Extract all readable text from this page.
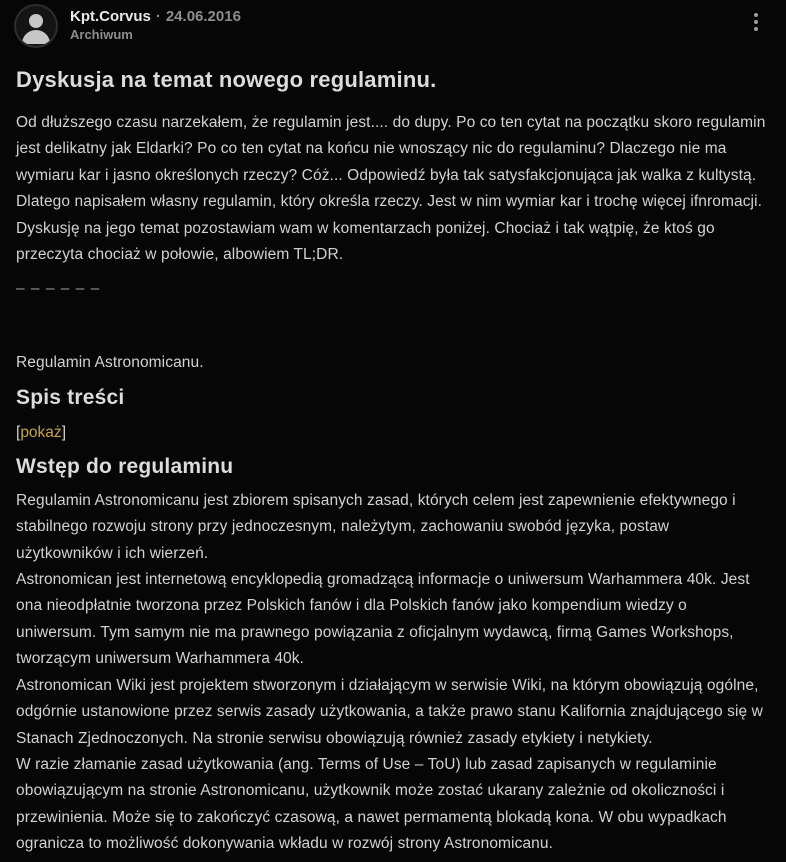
Kpt.Corvus · 24.06.2016
Archiwum
Dyskusja na temat nowego regulaminu.

Od dłuższego czasu narzekałem, że regulamin jest.... do dupy. Po co ten cytat na początku skoro regulamin jest delikatny jak Eldarki? Po co ten cytat na końcu nie wnoszący nic do regulaminu? Dlaczego nie ma wymiaru kar i jasno określonych rzeczy? Cóż... Odpowiedź była tak satysfakcjonująca jak walka z kultystą. Dlatego napisałem własny regulamin, który określa rzeczy. Jest w nim wymiar kar i trochę więcej ifnromacji. Dyskusję na jego temat pozostawiam wam w komentarzach poniżej. Chociaż i tak wątpię, że ktoś go przeczyta chociaż w połowie, albowiem TL;DR.

– – – – – –

Regulamin Astronomicanu.

Spis treści
[pokaż]
Wstęp do regulaminu

Regulamin Astronomicanu jest zbiorem spisanych zasad, których celem jest zapewnienie efektywnego i stabilnego rozwoju strony przy jednoczesnym, należytym, zachowaniu swobód języka, postaw użytkowników i ich wierzeń.

Astronomican jest internetową encyklopedią gromadzącą informacje o uniwersum Warhammera 40k. Jest ona nieodpłatnie tworzona przez Polskich fanów i dla Polskich fanów jako kompendium wiedzy o uniwersum. Tym samym nie ma prawnego powiązania z oficjalnym wydawcą, firmą Games Workshops, tworzącym uniwersum Warhammera 40k.

Astronomican Wiki jest projektem stworzonym i działającym w serwisie Wiki, na którym obowiązują ogólne, odgórnie ustanowione przez serwis zasady użytkowania, a także prawo stanu Kalifornia znajdującego się w Stanach Zjednoczonych. Na stronie serwisu obowiązują również zasady etykiety i netykiety.

W razie złamanie zasad użytkowania (ang. Terms of Use – ToU) lub zasad zapisanych w regulaminie obowiązującym na stronie Astronomicanu, użytkownik może zostać ukarany zależnie od okoliczności i przewinienia. Może się to zakończyć czasową, a nawet permamentą blokadą kona. W obu wypadkach ogranicza to możliwość dokonywania wkładu w rozwój strony Astronomicanu.
